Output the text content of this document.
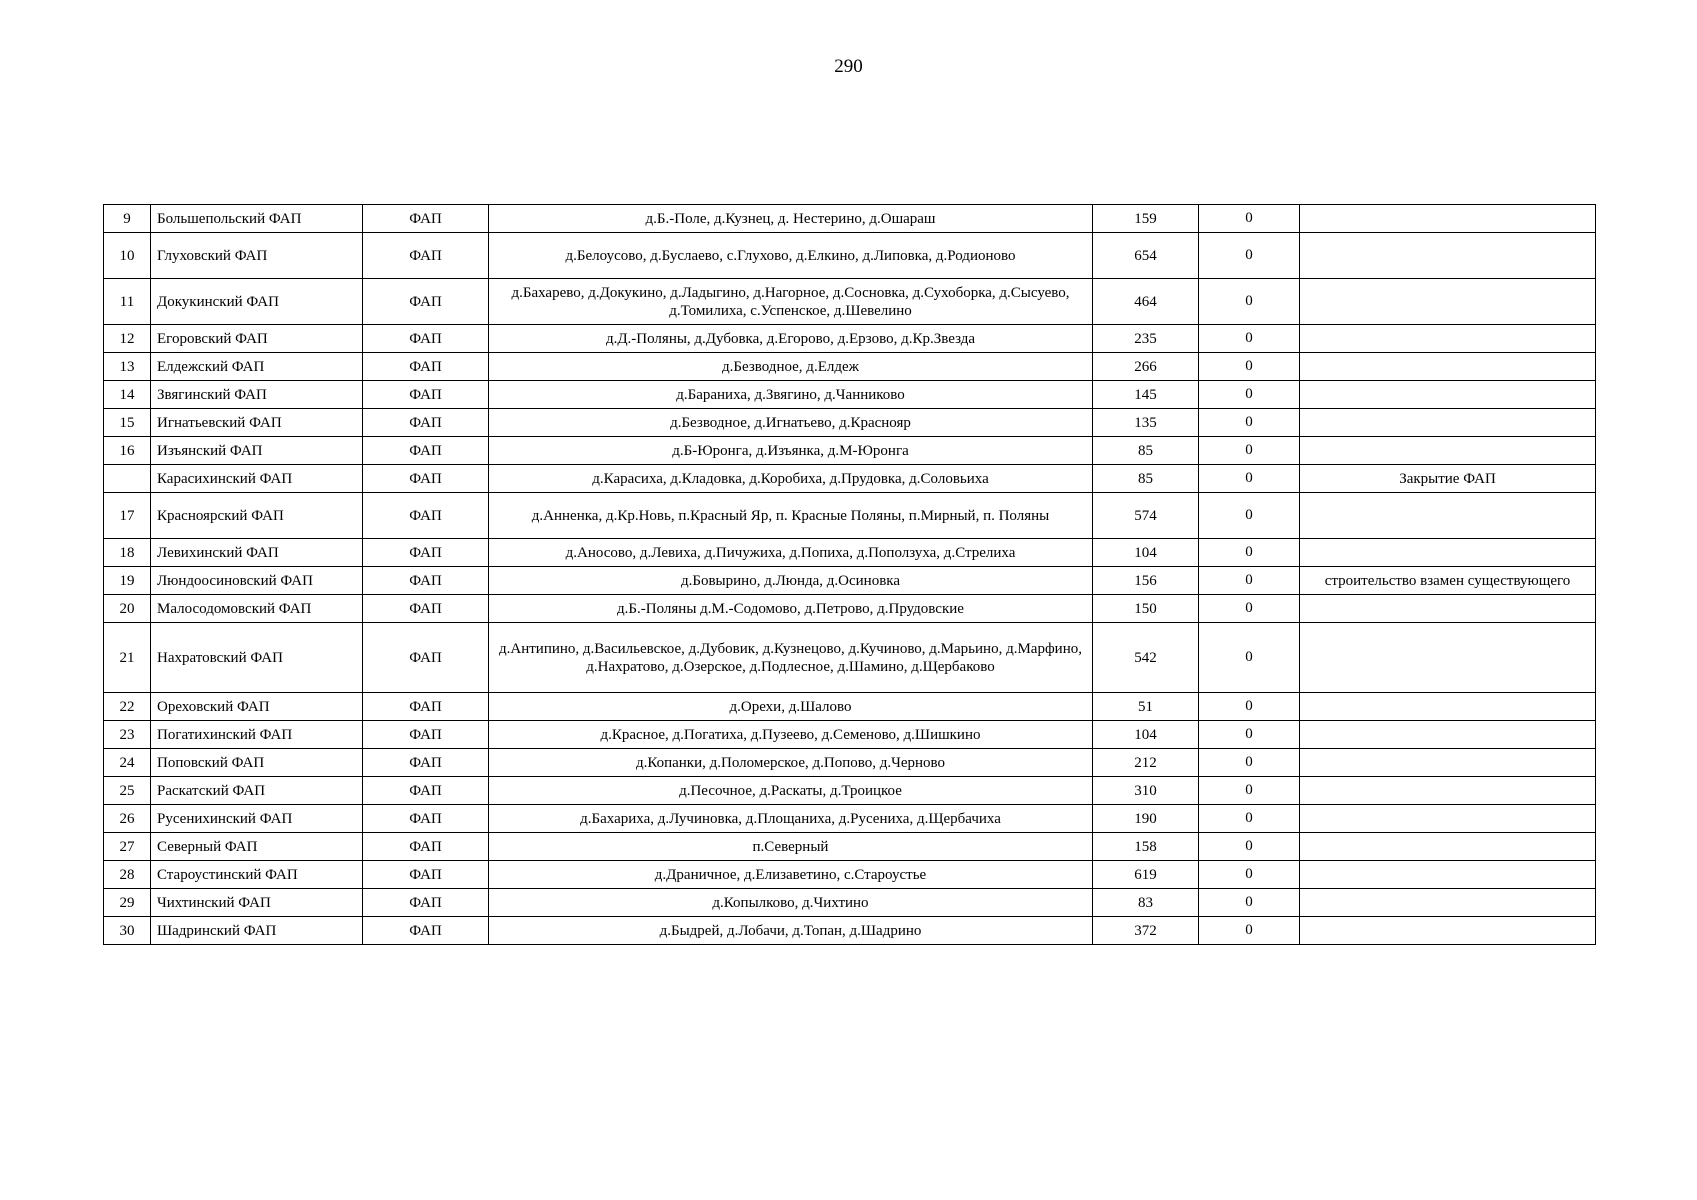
290
9	Большепольский ФАП	ФАП	д.Б.-Поле, д.Кузнец, д. Нестерино, д.Ошараш	159	0	

10	Глуховский ФАП	ФАП	д.Белоусово, д.Буслаево, с.Глухово, д.Елкино, д.Липовка, д.Родионово	654	0	

11	Докукинский ФАП	ФАП	д.Бахарево, д.Докукино, д.Ладыгино, д.Нагорное, д.Сосновка, д.Сухоборка, д.Сысуево, д.Томилиха, с.Успенское, д.Шевелино	464	0	

12	Егоровский ФАП	ФАП	д.Д.-Поляны, д.Дубовка, д.Егорово, д.Ерзово, д.Кр.Звезда	235	0	

13	Елдежский ФАП	ФАП	д.Безводное, д.Елдеж	266	0	

14	Звягинский ФАП	ФАП	д.Бараниха, д.Звягино, д.Чанниково	145	0	

15	Игнатьевский ФАП	ФАП	д.Безводное, д.Игнатьево, д.Краснояр	135	0	

16	Изъянский ФАП	ФАП	д.Б-Юронга, д.Изъянка, д.М-Юронга	85	0	

	Карасихинский ФАП	ФАП	д.Карасиха, д.Кладовка, д.Коробиха, д.Прудовка, д.Соловьиха	85	0	Закрытие ФАП
17	Красноярский ФАП	ФАП	д.Анненка, д.Кр.Новь, п.Красный Яр, п. Красные Поляны, п.Мирный, п. Поляны	574	0	

18	Левихинский ФАП	ФАП	д.Аносово, д.Левиха, д.Пичужиха, д.Попиха, д.Поползуха, д.Стрелиха	104	0	

19	Люндоосиновский ФАП	ФАП	д.Бовырино, д.Люнда, д.Осиновка	156	0	строительство взамен существующего
20	Малосодомовский ФАП	ФАП	д.Б.-Поляны д.М.-Содомово, д.Петрово, д.Прудовские	150	0	

21	Нахратовский ФАП	ФАП	д.Антипино, д.Васильевское, д.Дубовик, д.Кузнецово, д.Кучиново, д.Марьино, д.Марфино, д.Нахратово, д.Озерское, д.Подлесное, д.Шамино, д.Щербаково	542	0	

22	Ореховский ФАП	ФАП	д.Орехи, д.Шалово	51	0	

23	Погатихинский ФАП	ФАП	д.Красное, д.Погатиха, д.Пузеево, д.Семеново, д.Шишкино	104	0	

24	Поповский ФАП	ФАП	д.Копанки, д.Поломерское, д.Попово, д.Черново	212	0	

25	Раскатский ФАП	ФАП	д.Песочное, д.Раскаты, д.Троицкое	310	0	

26	Русенихинский ФАП	ФАП	д.Бахариха, д.Лучиновка, д.Площаниха, д.Русениха, д.Щербачиха	190	0	

27	Северный ФАП	ФАП	п.Северный	158	0	

28	Староустинский ФАП	ФАП	д.Драничное, д.Елизаветино, с.Староустье	619	0	

29	Чихтинский ФАП	ФАП	д.Копылково, д.Чихтино	83	0	

30	Шадринский ФАП	ФАП	д.Быдрей, д.Лобачи, д.Топан, д.Шадрино	372	0	
